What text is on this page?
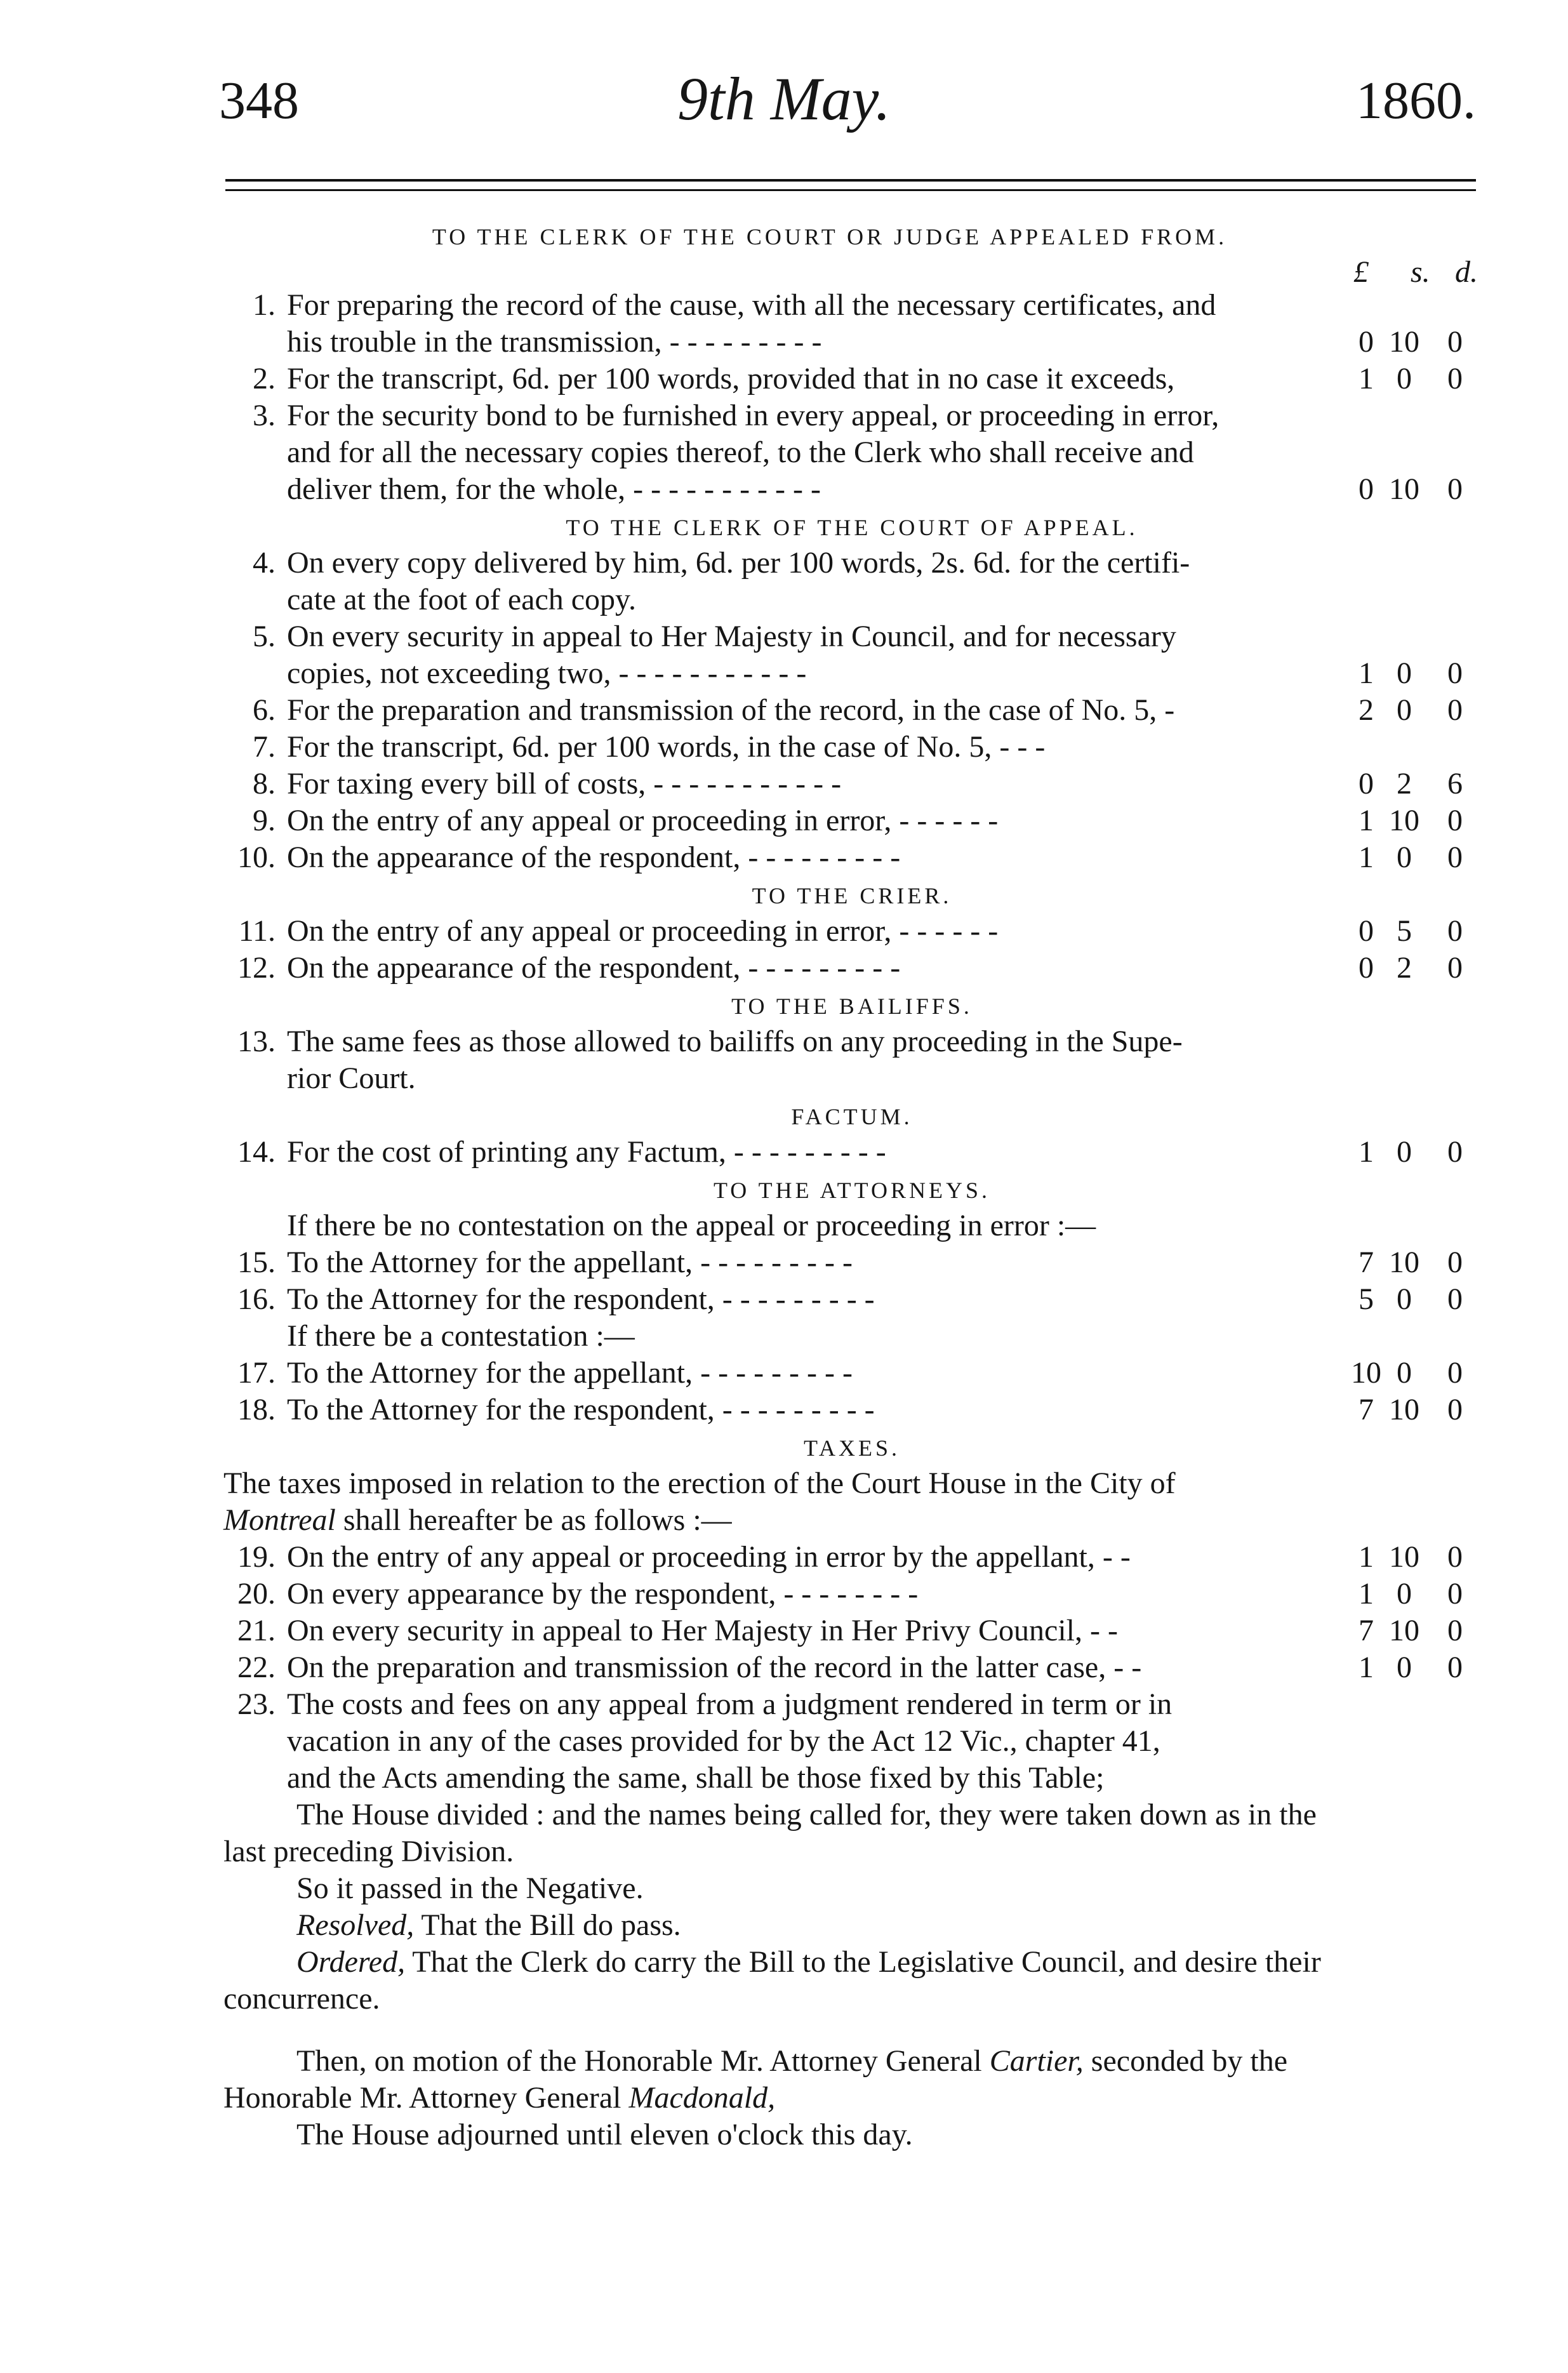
348	9th May.	1860.
TO THE CLERK OF THE COURT OR JUDGE APPEALED FROM.
£ s. d.
1. For preparing the record of the cause, with all the necessary certificates, and
his trouble in the transmission, - - - - - - - - -	0 10 0
2. For the transcript, 6d. per 100 words, provided that in no case it exceeds,	1 0	0
3. For the security bond to be furnished in every appeal, or proceeding in error,
and for all the necessary copies thereof, to the Clerk who shall receive and
deliver them, for the whole, - - - - - - - - - - -	0 10 0
TO THE CLERK OF THE COURT OF APPEAL.
4. On every copy delivered by him, 6d. per 100 words, 2s. 6d. for the certifi-
cate at the foot of each copy.
5. On every security in appeal to Her Majesty in Council, and for necessary
copies, not exceeding two, - - - - - - - - - - -	1 0	0
6. For the preparation and transmission of the record, in the case of No. 5, -	2 0	0
7. For the transcript, 6d. per 100 words, in the case of No. 5, - - -
8. For taxing every bill of costs, - - - - - - - - - - -	0 2	6
9. On the entry of any appeal or proceeding in error, - - - - - -	1 10 0
10. On the appearance of the respondent, - - - - - - - - -	1 0	0
TO THE CRIER.
11. On the entry of any appeal or proceeding in error, - - - - - -	0 5	0
12. On the appearance of the respondent, - - - - - - - - -	0 2	0
TO THE BAILIFFS.
13. The same fees as those allowed to bailiffs on any proceeding in the Supe-
rior Court.
FACTUM.
14. For the cost of printing any Factum, - - - - - - - - -	1 0	0
TO THE ATTORNEYS.
If there be no contestation on the appeal or proceeding in error :—
15. To the Attorney for the appellant, - - - - - - - - -	7 10 0
16. To the Attorney for the respondent, - - - - - - - - -	5 0	0
If there be a contestation :—
17. To the Attorney for the appellant, - - - - - - - - -	10 0	0
18. To the Attorney for the respondent, - - - - - - - - -	7 10 0
TAXES.
The taxes imposed in relation to the erection of the Court House in the City of
Montreal shall hereafter be as follows :—
19. On the entry of any appeal or proceeding in error by the appellant, - -	1 10 0
20. On every appearance by the respondent, - - - - - - - -	1 0	0
21. On every security in appeal to Her Majesty in Her Privy Council, - -	7 10 0
22. On the preparation and transmission of the record in the latter case, - -	1 0	0
23. The costs and fees on any appeal from a judgment rendered in term or in
vacation in any of the cases provided for by the Act 12 Vic., chapter 41,
and the Acts amending the same, shall be those fixed by this Table;
The House divided : and the names being called for, they were taken down as in the
last preceding Division.
So it passed in the Negative.
Resolved, That the Bill do pass.
Ordered, That the Clerk do carry the Bill to the Legislative Council, and desire their
concurrence.
Then, on motion of the Honorable Mr. Attorney General Cartier, seconded by the
Honorable Mr. Attorney General Macdonald,
The House adjourned until eleven o'clock this day.
